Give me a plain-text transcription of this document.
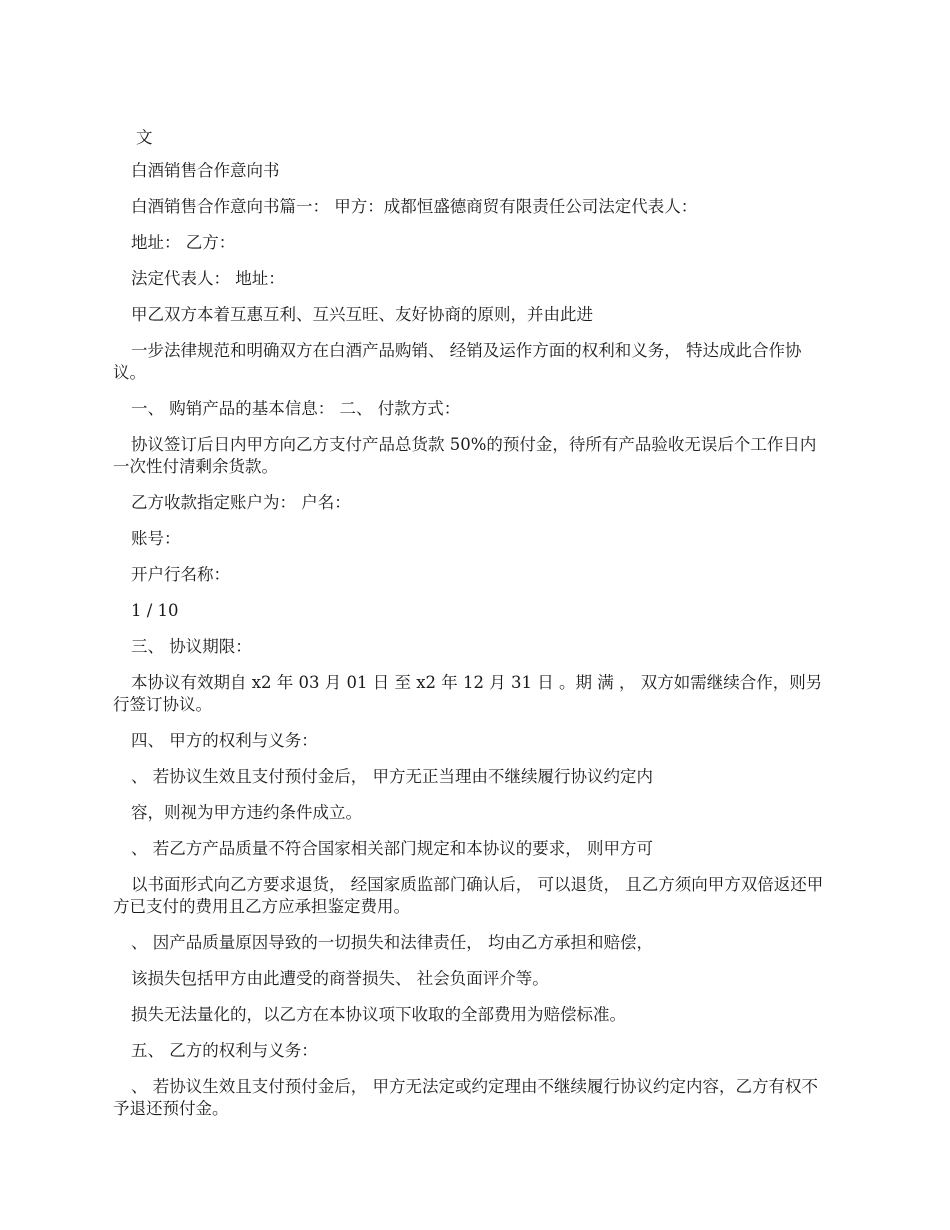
文

白酒销售合作意向书

白酒销售合作意向书篇一： 甲方：成都恒盛德商贸有限责任公司法定代表人：

地址： 乙方：

法定代表人： 地址：

甲乙双方本着互惠互利、互兴互旺、友好协商的原则，并由此进

一步法律规范和明确双方在白酒产品购销、 经销及运作方面的权利和义务， 特达成此合作协议。

一、 购销产品的基本信息： 二、 付款方式：

协议签订后日内甲方向乙方支付产品总货款 50%的预付金，待所有产品验收无误后个工作日内一次性付清剩余货款。

乙方收款指定账户为： 户名：

账号：

开户行名称：

1 / 10

三、 协议期限：

本协议有效期自 x2 年 03 月 01 日 至 x2 年 12 月 31 日 。期 满 ， 双方如需继续合作，则另行签订协议。

四、 甲方的权利与义务：

、 若协议生效且支付预付金后， 甲方无正当理由不继续履行协议约定内

容，则视为甲方违约条件成立。

、 若乙方产品质量不符合国家相关部门规定和本协议的要求， 则甲方可

以书面形式向乙方要求退货， 经国家质监部门确认后， 可以退货， 且乙方须向甲方双倍返还甲方已支付的费用且乙方应承担鉴定费用。

、 因产品质量原因导致的一切损失和法律责任， 均由乙方承担和赔偿，

该损失包括甲方由此遭受的商誉损失、 社会负面评介等。

损失无法量化的，以乙方在本协议项下收取的全部费用为赔偿标准。

五、 乙方的权利与义务：

、 若协议生效且支付预付金后， 甲方无法定或约定理由不继续履行协议约定内容，乙方有权不予退还预付金。
